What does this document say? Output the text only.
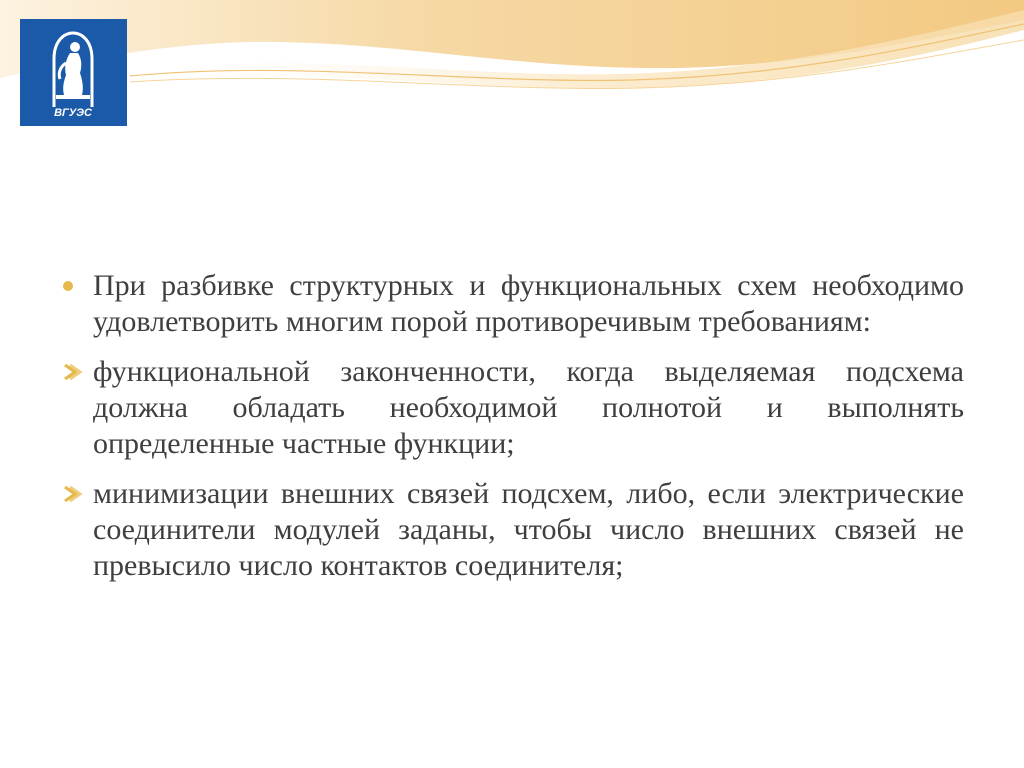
ВГУЭС
При разбивке структурных и функциональных схем необходимо удовлетворить многим порой противоречивым требованиям:
функциональной законченности, когда выделяемая подсхема должна обладать необходимой полнотой и выполнять определенные частные функции;
минимизации внешних связей подсхем, либо, если электрические соединители модулей заданы, чтобы число внешних связей не превысило число контактов соединителя;
